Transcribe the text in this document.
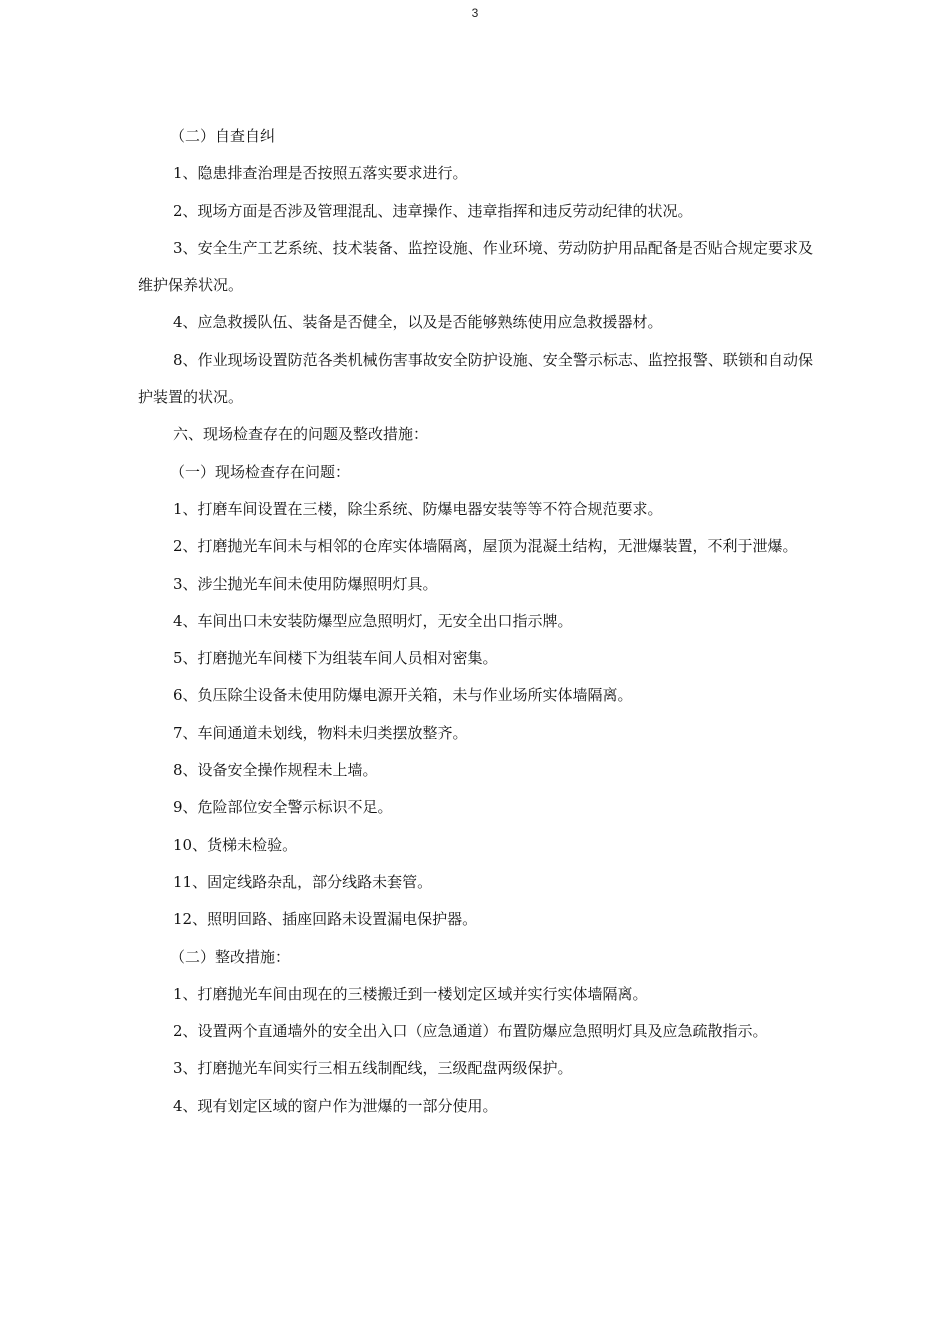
3

（二）自查自纠

1、隐患排查治理是否按照五落实要求进行。

2、现场方面是否涉及管理混乱、违章操作、违章指挥和违反劳动纪律的状况。

3、安全生产工艺系统、技术装备、监控设施、作业环境、劳动防护用品配备是否贴合规定要求及维护保养状况。

4、应急救援队伍、装备是否健全，以及是否能够熟练使用应急救援器材。

8、作业现场设置防范各类机械伤害事故安全防护设施、安全警示标志、监控报警、联锁和自动保护装置的状况。

六、现场检查存在的问题及整改措施：

（一）现场检查存在问题：

1、打磨车间设置在三楼，除尘系统、防爆电器安装等等不符合规范要求。

2、打磨抛光车间未与相邻的仓库实体墙隔离，屋顶为混凝土结构，无泄爆装置，不利于泄爆。

3、涉尘抛光车间未使用防爆照明灯具。

4、车间出口未安装防爆型应急照明灯，无安全出口指示牌。

5、打磨抛光车间楼下为组装车间人员相对密集。

6、负压除尘设备未使用防爆电源开关箱，未与作业场所实体墙隔离。

7、车间通道未划线，物料未归类摆放整齐。

8、设备安全操作规程未上墙。

9、危险部位安全警示标识不足。

10、货梯未检验。

11、固定线路杂乱，部分线路未套管。

12、照明回路、插座回路未设置漏电保护器。

（二）整改措施：

1、打磨抛光车间由现在的三楼搬迁到一楼划定区域并实行实体墙隔离。

2、设置两个直通墙外的安全出入口（应急通道）布置防爆应急照明灯具及应急疏散指示。

3、打磨抛光车间实行三相五线制配线，三级配盘两级保护。

4、现有划定区域的窗户作为泄爆的一部分使用。
